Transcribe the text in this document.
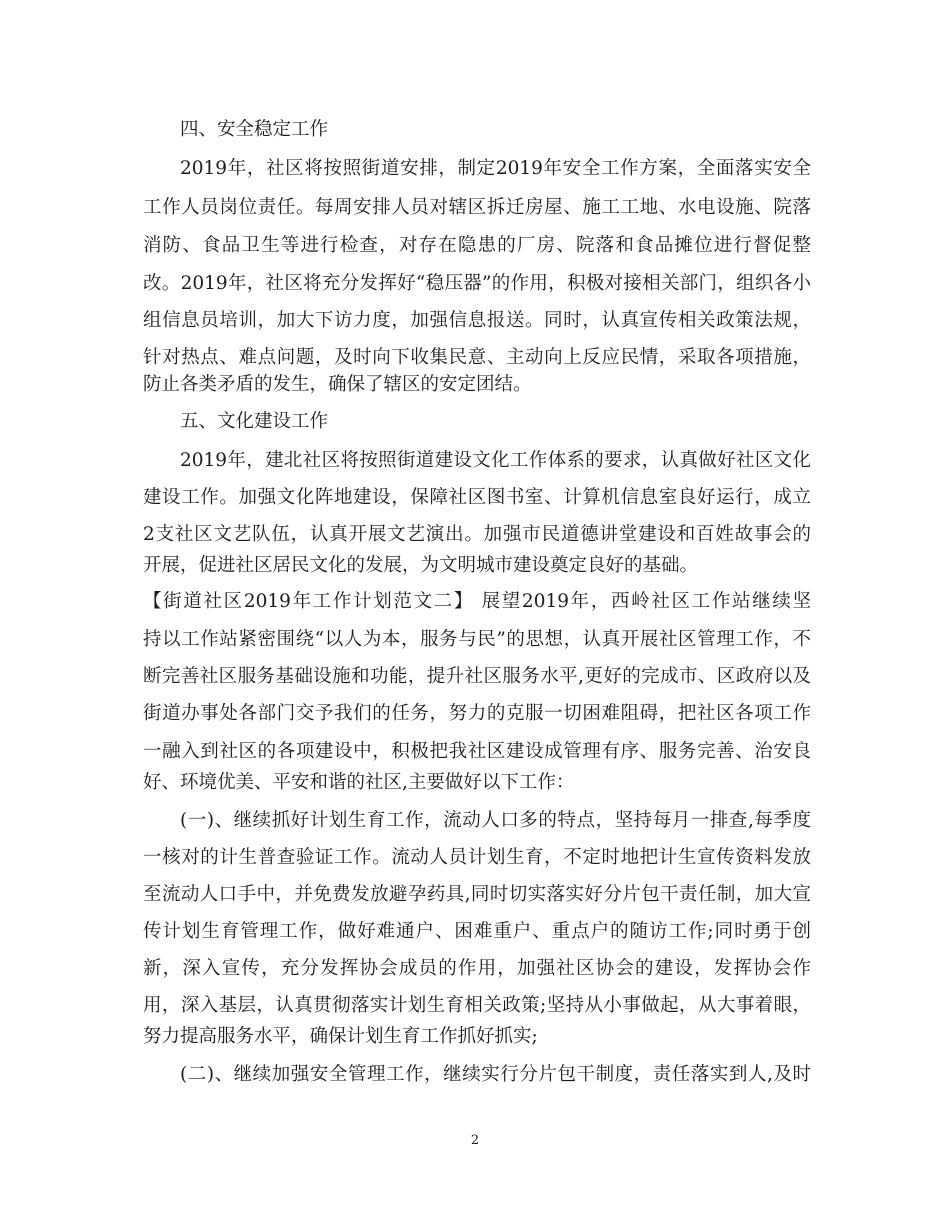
四、安全稳定工作
2019年，社区将按照街道安排，制定2019年安全工作方案，全面落实安全
工作人员岗位责任。每周安排人员对辖区拆迁房屋、施工工地、水电设施、院落
消防、食品卫生等进行检查，对存在隐患的厂房、院落和食品摊位进行督促整
改。2019年，社区将充分发挥好“稳压器”的作用，积极对接相关部门，组织各小
组信息员培训，加大下访力度，加强信息报送。同时，认真宣传相关政策法规，
针对热点、难点问题，及时向下收集民意、主动向上反应民情，采取各项措施，
防止各类矛盾的发生，确保了辖区的安定团结。
五、文化建设工作
2019年，建北社区将按照街道建设文化工作体系的要求，认真做好社区文化
建设工作。加强文化阵地建设，保障社区图书室、计算机信息室良好运行，成立
2支社区文艺队伍，认真开展文艺演出。加强市民道德讲堂建设和百姓故事会的
开展，促进社区居民文化的发展，为文明城市建设奠定良好的基础。
【街道社区2019年工作计划范文二】 展望2019年，西岭社区工作站继续坚
持以工作站紧密围绕“以人为本，服务与民”的思想，认真开展社区管理工作，不
断完善社区服务基础设施和功能，提升社区服务水平,更好的完成市、区政府以及
街道办事处各部门交予我们的任务，努力的克服一切困难阻碍，把社区各项工作
一融入到社区的各项建设中，积极把我社区建设成管理有序、服务完善、治安良
好、环境优美、平安和谐的社区,主要做好以下工作：
(一)、继续抓好计划生育工作，流动人口多的特点，坚持每月一排查,每季度
一核对的计生普查验证工作。流动人员计划生育，不定时地把计生宣传资料发放
至流动人口手中，并免费发放避孕药具,同时切实落实好分片包干责任制，加大宣
传计划生育管理工作，做好难通户、困难重户、重点户的随访工作;同时勇于创
新，深入宣传，充分发挥协会成员的作用，加强社区协会的建设，发挥协会作
用，深入基层，认真贯彻落实计划生育相关政策;坚持从小事做起，从大事着眼，
努力提高服务水平，确保计划生育工作抓好抓实;
(二)、继续加强安全管理工作，继续实行分片包干制度，责任落实到人,及时
2
